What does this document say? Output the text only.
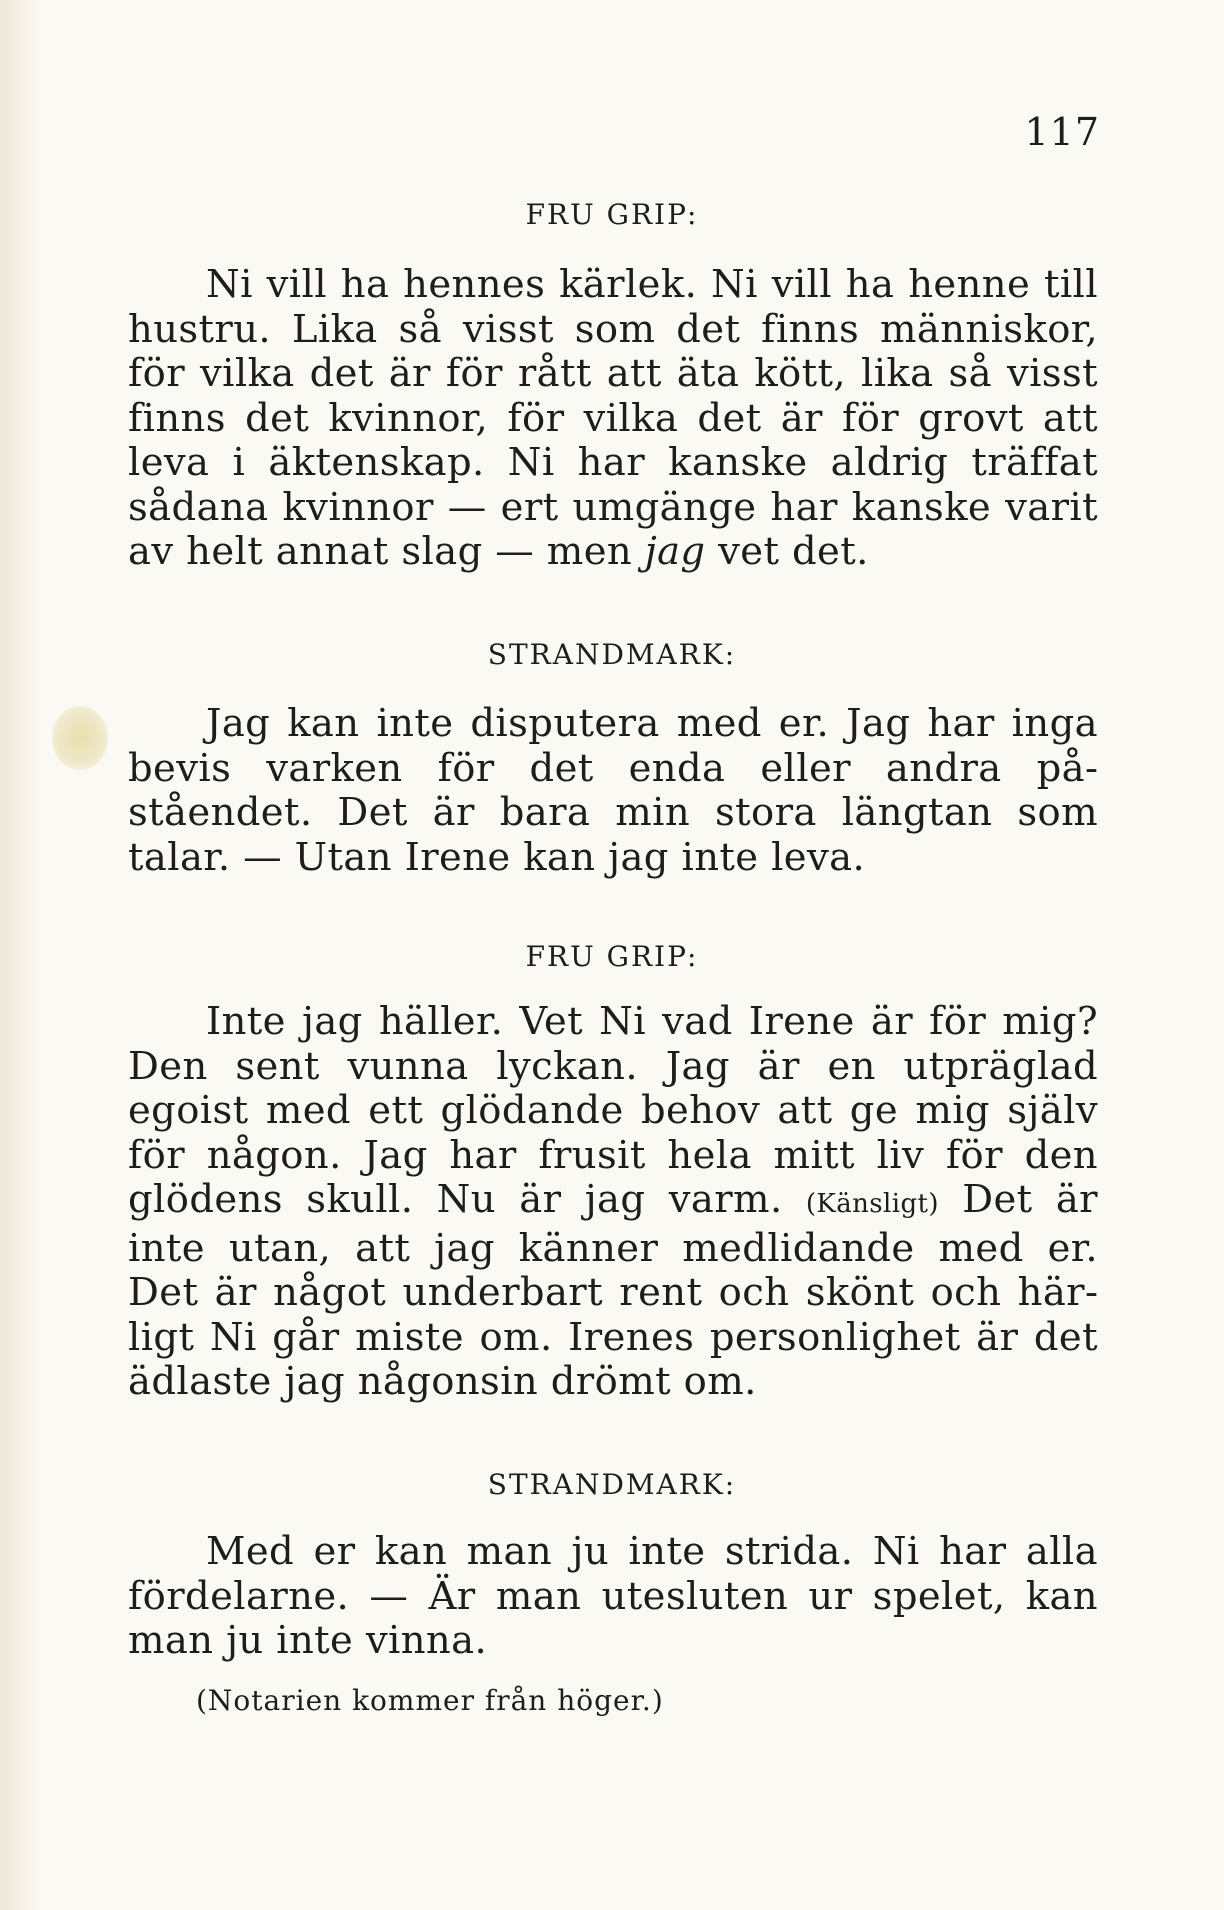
117
FRU GRIP:
Ni vill ha hennes kärlek. Ni vill ha henne till hustru. Lika så visst som det finns människor, för vilka det är för rått att äta kött, lika så visst finns det kvinnor, för vilka det är för grovt att leva i äktenskap. Ni har kanske aldrig träffat sådana kvinnor — ert umgänge har kanske varit av helt annat slag — men jag vet det.
STRANDMARK:
Jag kan inte disputera med er. Jag har inga bevis varken för det enda eller andra påståendet. Det är bara min stora längtan som talar. — Utan Irene kan jag inte leva.
FRU GRIP:
Inte jag häller. Vet Ni vad Irene är för mig? Den sent vunna lyckan. Jag är en utpräglad egoist med ett glödande behov att ge mig själv för någon. Jag har frusit hela mitt liv för den glödens skull. Nu är jag varm. (Känsligt) Det är inte utan, att jag känner medlidande med er. Det är något underbart rent och skönt och härligt Ni går miste om. Irenes personlighet är det ädlaste jag någonsin drömt om.
STRANDMARK:
Med er kan man ju inte strida. Ni har alla fördelarne. — Är man utesluten ur spelet, kan man ju inte vinna.
(Notarien kommer från höger.)
